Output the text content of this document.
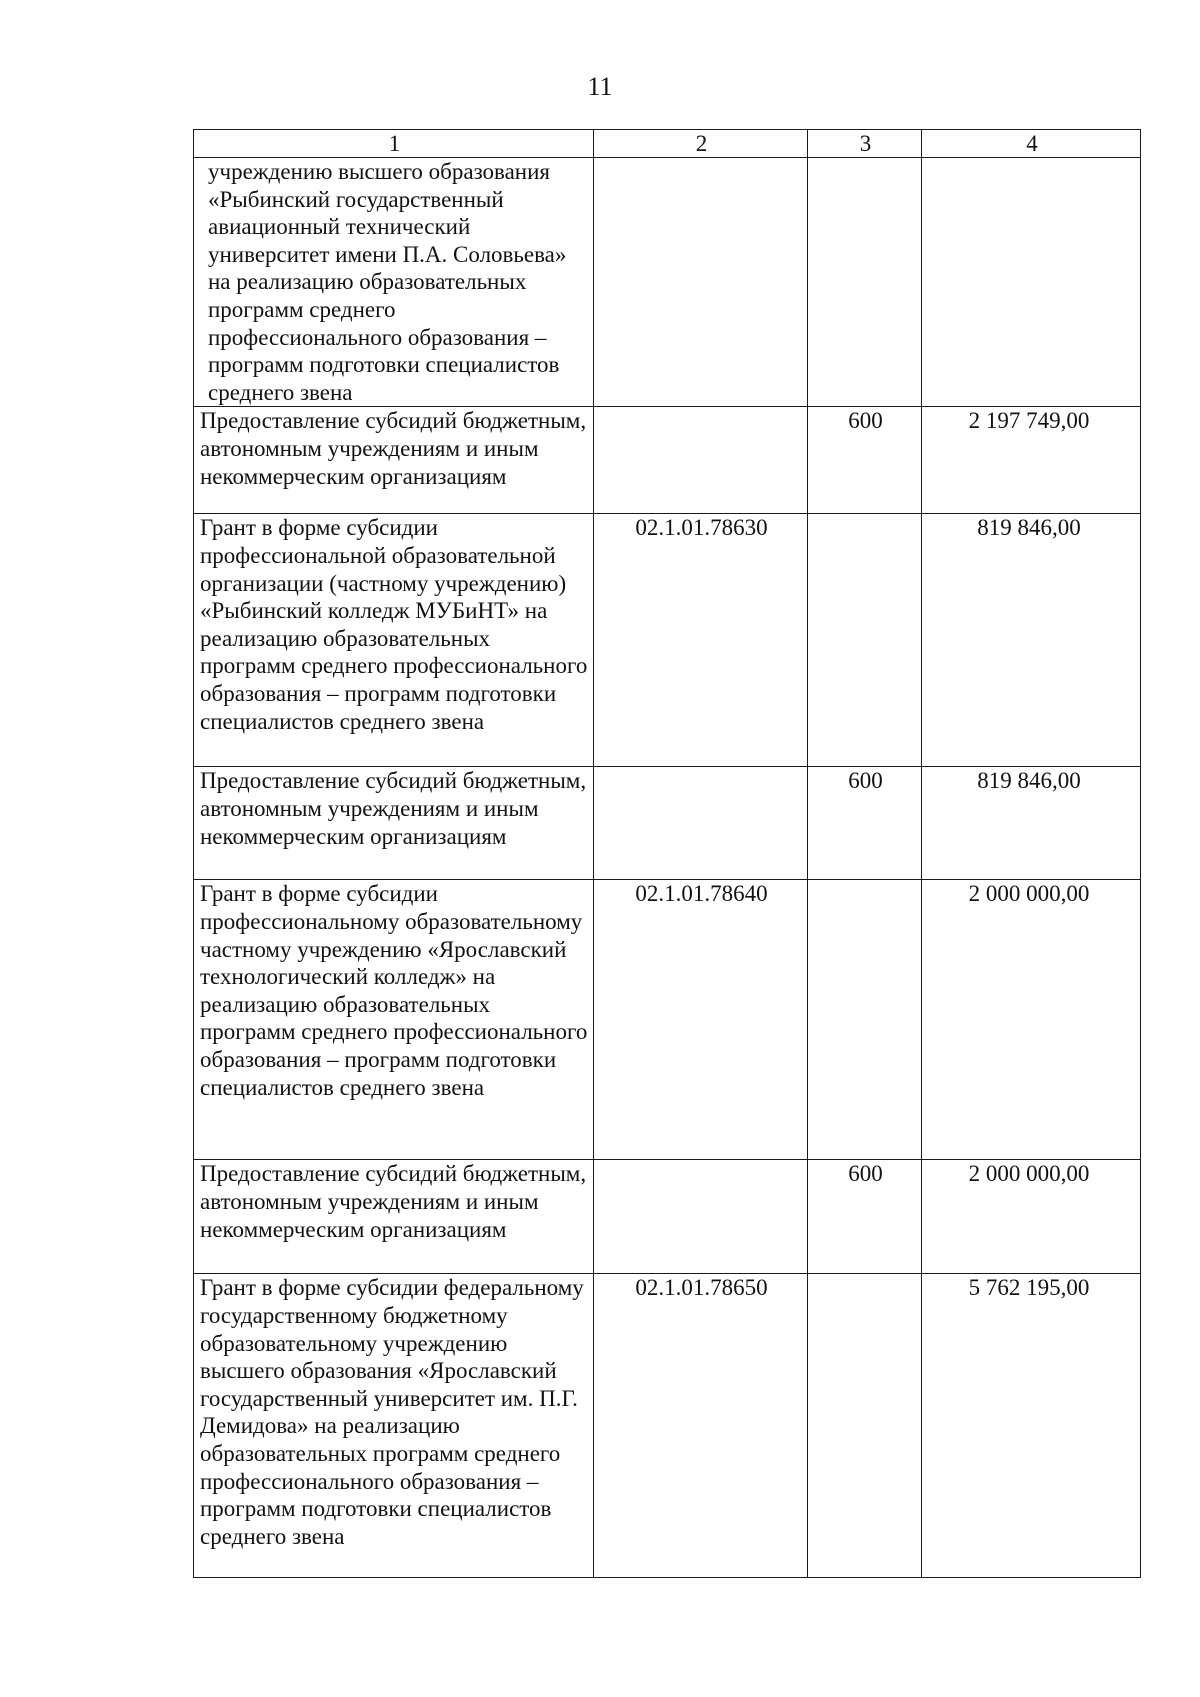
11
1	2	3	4
учреждению высшего образования «Рыбинский государственный авиационный технический университет имени П.А. Соловьева» на реализацию образовательных программ среднего профессионального образования – программ подготовки специалистов среднего звена			
Предоставление субсидий бюджетным, автономным учреждениям и иным некоммерческим организациям		600	2 197 749,00
Грант в форме субсидии профессиональной образовательной организации (частному учреждению) «Рыбинский колледж МУБиНТ» на реализацию образовательных программ среднего профессионального образования – программ подготовки специалистов среднего звена	02.1.01.78630		819 846,00
Предоставление субсидий бюджетным, автономным учреждениям и иным некоммерческим организациям		600	819 846,00
Грант в форме субсидии профессиональному образовательному частному учреждению «Ярославский технологический колледж» на реализацию образовательных программ среднего профессионального образования – программ подготовки специалистов среднего звена	02.1.01.78640		2 000 000,00
Предоставление субсидий бюджетным, автономным учреждениям и иным некоммерческим организациям		600	2 000 000,00
Грант в форме субсидии федеральному государственному бюджетному образовательному учреждению высшего образования «Ярославский государственный университет им. П.Г. Демидова» на реализацию образовательных программ среднего профессионального образования – программ подготовки специалистов среднего звена	02.1.01.78650		5 762 195,00
